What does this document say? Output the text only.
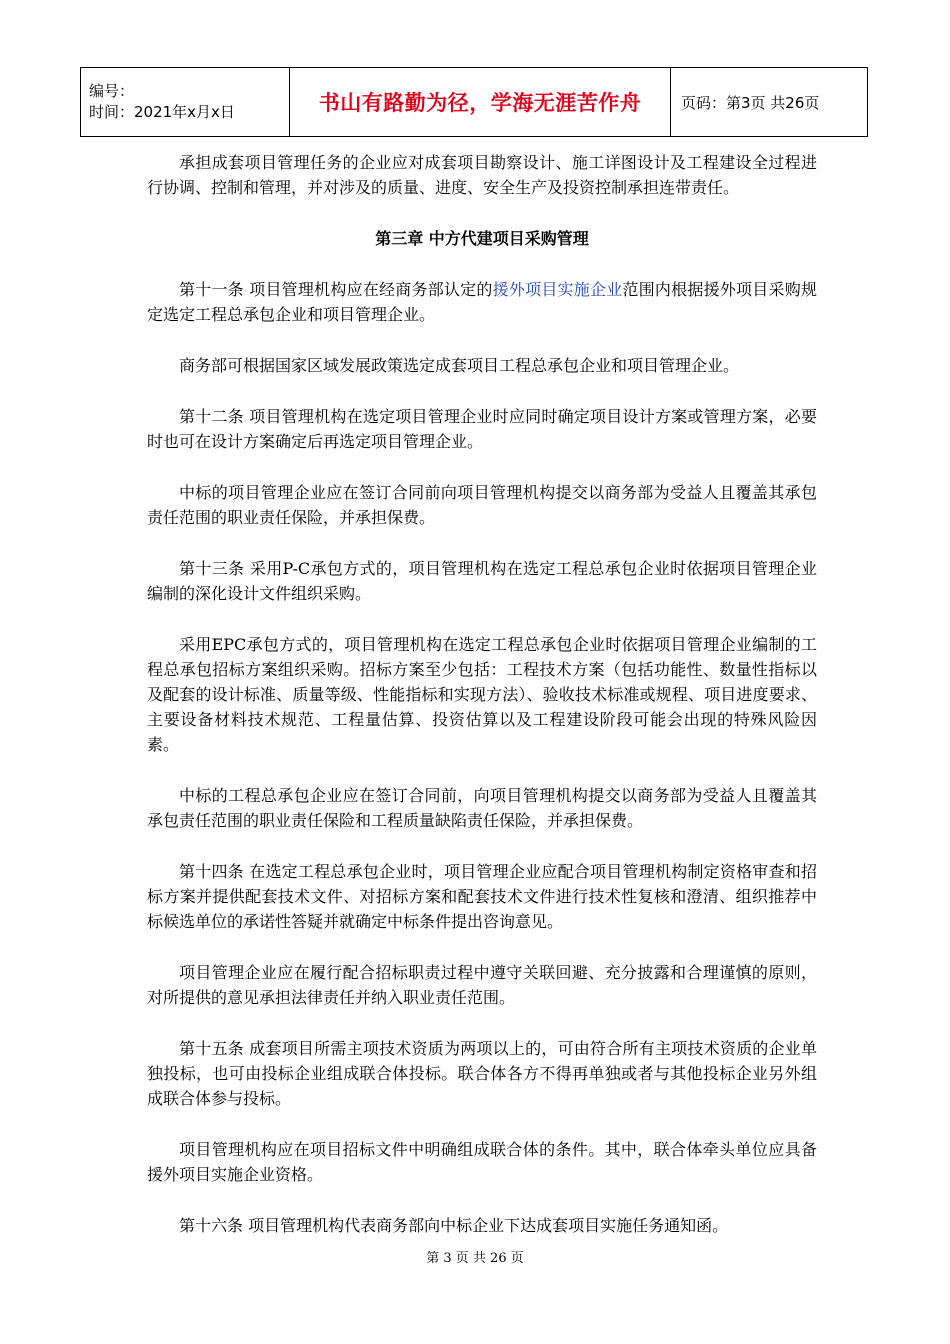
编号：
时间：2021年x月x日	书山有路勤为径，学海无涯苦作舟	页码：第3页 共26页

承担成套项目管理任务的企业应对成套项目勘察设计、施工详图设计及工程建设全过程进行协调、控制和管理，并对涉及的质量、进度、安全生产及投资控制承担连带责任。

第三章 中方代建项目采购管理

第十一条 项目管理机构应在经商务部认定的援外项目实施企业范围内根据援外项目采购规定选定工程总承包企业和项目管理企业。

商务部可根据国家区域发展政策选定成套项目工程总承包企业和项目管理企业。

第十二条 项目管理机构在选定项目管理企业时应同时确定项目设计方案或管理方案，必要时也可在设计方案确定后再选定项目管理企业。

中标的项目管理企业应在签订合同前向项目管理机构提交以商务部为受益人且覆盖其承包责任范围的职业责任保险，并承担保费。

第十三条 采用P-C承包方式的，项目管理机构在选定工程总承包企业时依据项目管理企业编制的深化设计文件组织采购。

采用EPC承包方式的，项目管理机构在选定工程总承包企业时依据项目管理企业编制的工程总承包招标方案组织采购。招标方案至少包括：工程技术方案（包括功能性、数量性指标以及配套的设计标准、质量等级、性能指标和实现方法）、验收技术标准或规程、项目进度要求、主要设备材料技术规范、工程量估算、投资估算以及工程建设阶段可能会出现的特殊风险因素。

中标的工程总承包企业应在签订合同前，向项目管理机构提交以商务部为受益人且覆盖其承包责任范围的职业责任保险和工程质量缺陷责任保险，并承担保费。

第十四条 在选定工程总承包企业时，项目管理企业应配合项目管理机构制定资格审查和招标方案并提供配套技术文件、对招标方案和配套技术文件进行技术性复核和澄清、组织推荐中标候选单位的承诺性答疑并就确定中标条件提出咨询意见。

项目管理企业应在履行配合招标职责过程中遵守关联回避、充分披露和合理谨慎的原则，对所提供的意见承担法律责任并纳入职业责任范围。

第十五条 成套项目所需主项技术资质为两项以上的，可由符合所有主项技术资质的企业单独投标，也可由投标企业组成联合体投标。联合体各方不得再单独或者与其他投标企业另外组成联合体参与投标。

项目管理机构应在项目招标文件中明确组成联合体的条件。其中，联合体牵头单位应具备援外项目实施企业资格。

第十六条 项目管理机构代表商务部向中标企业下达成套项目实施任务通知函。

第 3 页 共 26 页
